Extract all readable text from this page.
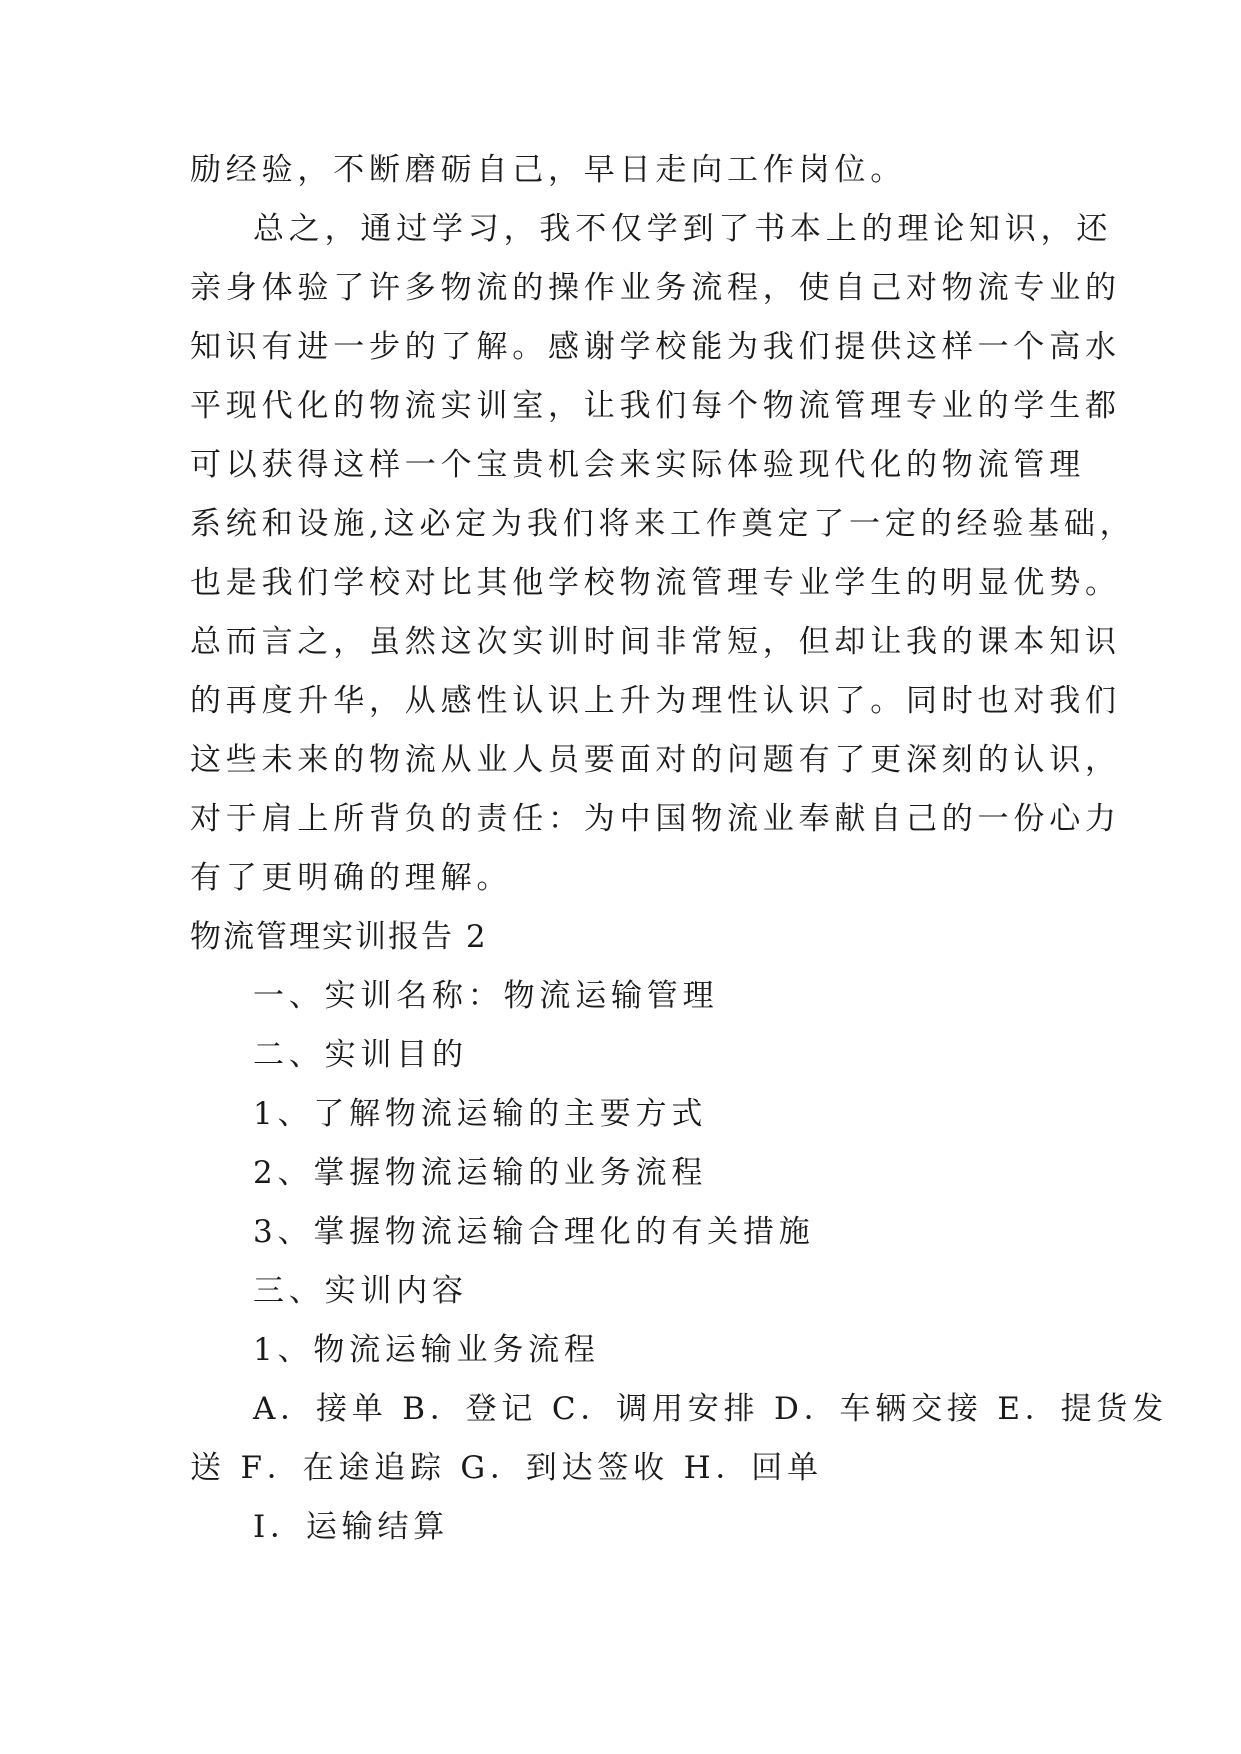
励经验，不断磨砺自己，早日走向工作岗位。
总之，通过学习，我不仅学到了书本上的理论知识，还
亲身体验了许多物流的操作业务流程，使自己对物流专业的
知识有进一步的了解。感谢学校能为我们提供这样一个高水
平现代化的物流实训室，让我们每个物流管理专业的学生都
可以获得这样一个宝贵机会来实际体验现代化的物流管理
系统和设施,这必定为我们将来工作奠定了一定的经验基础，
也是我们学校对比其他学校物流管理专业学生的明显优势。
总而言之，虽然这次实训时间非常短，但却让我的课本知识
的再度升华，从感性认识上升为理性认识了。同时也对我们
这些未来的物流从业人员要面对的问题有了更深刻的认识，
对于肩上所背负的责任：为中国物流业奉献自己的一份心力
有了更明确的理解。
物流管理实训报告 2
一、实训名称：物流运输管理
二、实训目的
1、了解物流运输的主要方式
2、掌握物流运输的业务流程
3、掌握物流运输合理化的有关措施
三、实训内容
1、物流运输业务流程
A．接单 B．登记 C．调用安排 D．车辆交接 E．提货发
送 F．在途追踪 G．到达签收 H．回单
I．运输结算
